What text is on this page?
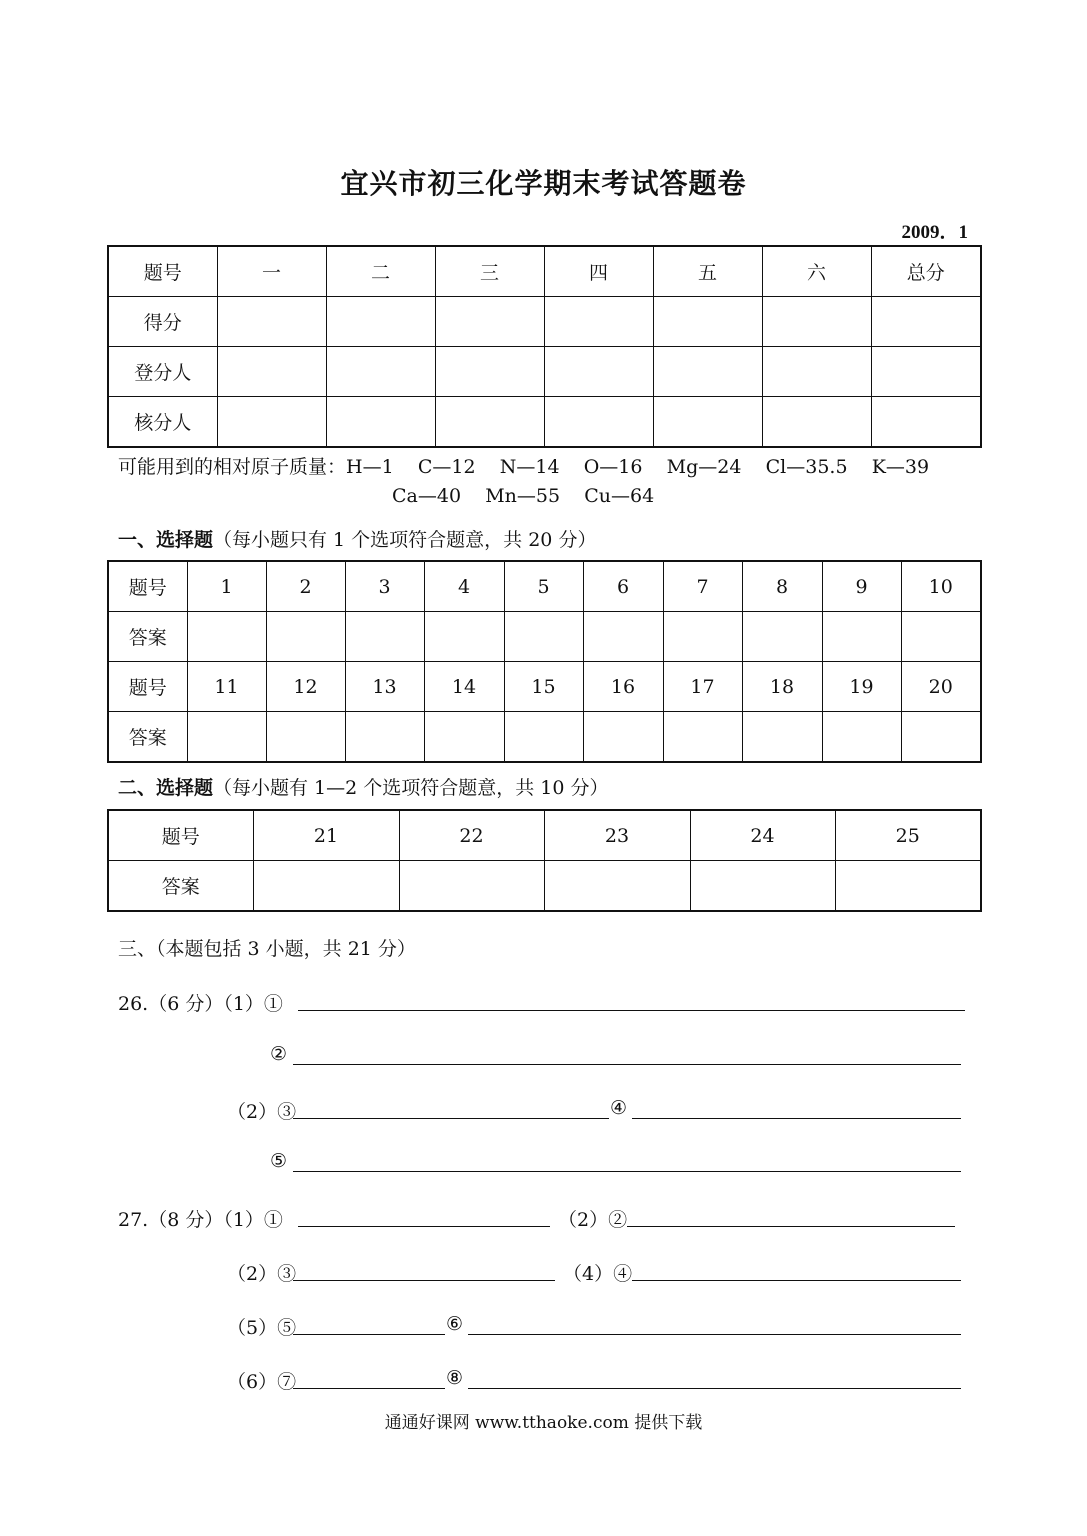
宜兴市初三化学期末考试答题卷
2009．1
题号	一	二	三	四	五	六	总分
得分							
登分人							
核分人							
可能用到的相对原子质量：H—1 C—12 N—14 O—16 Mg—24 Cl—35.5 K—39
Ca—40 Mn—55 Cu—64
一、选择题（每小题只有 1 个选项符合题意，共 20 分）
题号	1	2	3	4	5	6	7	8	9	10
答案										
题号	11	12	13	14	15	16	17	18	19	20
答案										
二、选择题（每小题有 1—2 个选项符合题意，共 10 分）
题号	21	22	23	24	25
答案					
三、（本题包括 3 小题，共 21 分）
26.（6 分）（1）①
②
（2）③	④
⑤
27.（8 分）（1）①	（2）②
（2）③	（4）④
（5）⑤	⑥
（6）⑦	⑧
通通好课网 www.tthaoke.com 提供下载
